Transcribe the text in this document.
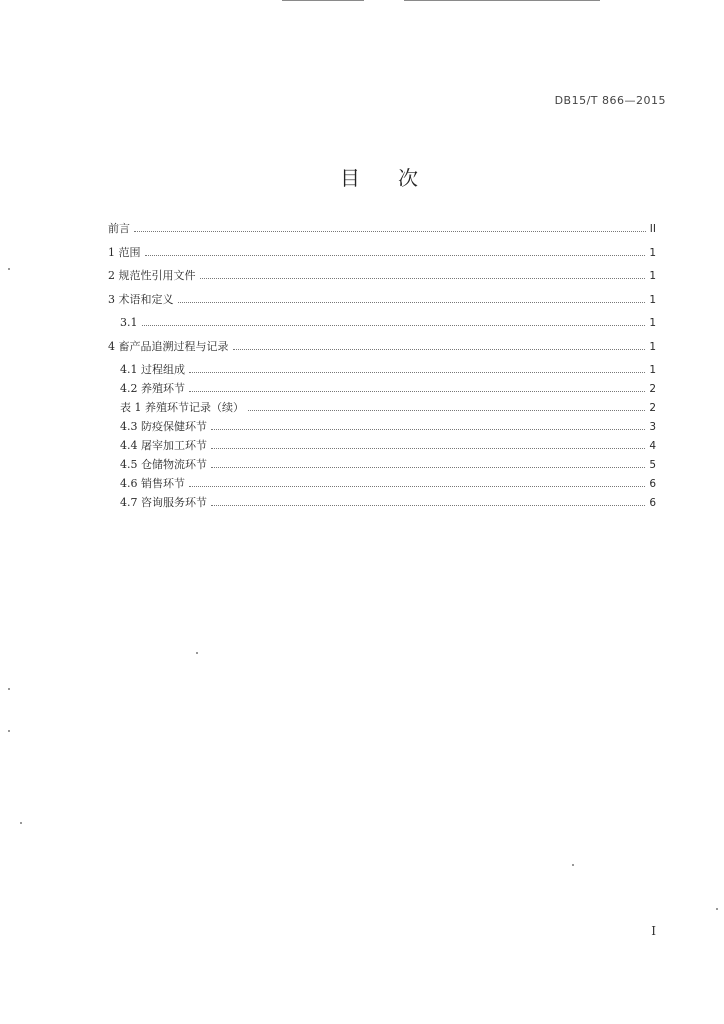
DB15/T 866—2015
目次
前言	II
1 范围	1
2 规范性引用文件	1
3 术语和定义	1
3.1	1
4 畜产品追溯过程与记录	1
4.1 过程组成	1
4.2 养殖环节	2
表 1 养殖环节记录（续）	2
4.3 防疫保健环节	3
4.4 屠宰加工环节	4
4.5 仓储物流环节	5
4.6 销售环节	6
4.7 咨询服务环节	6
I
